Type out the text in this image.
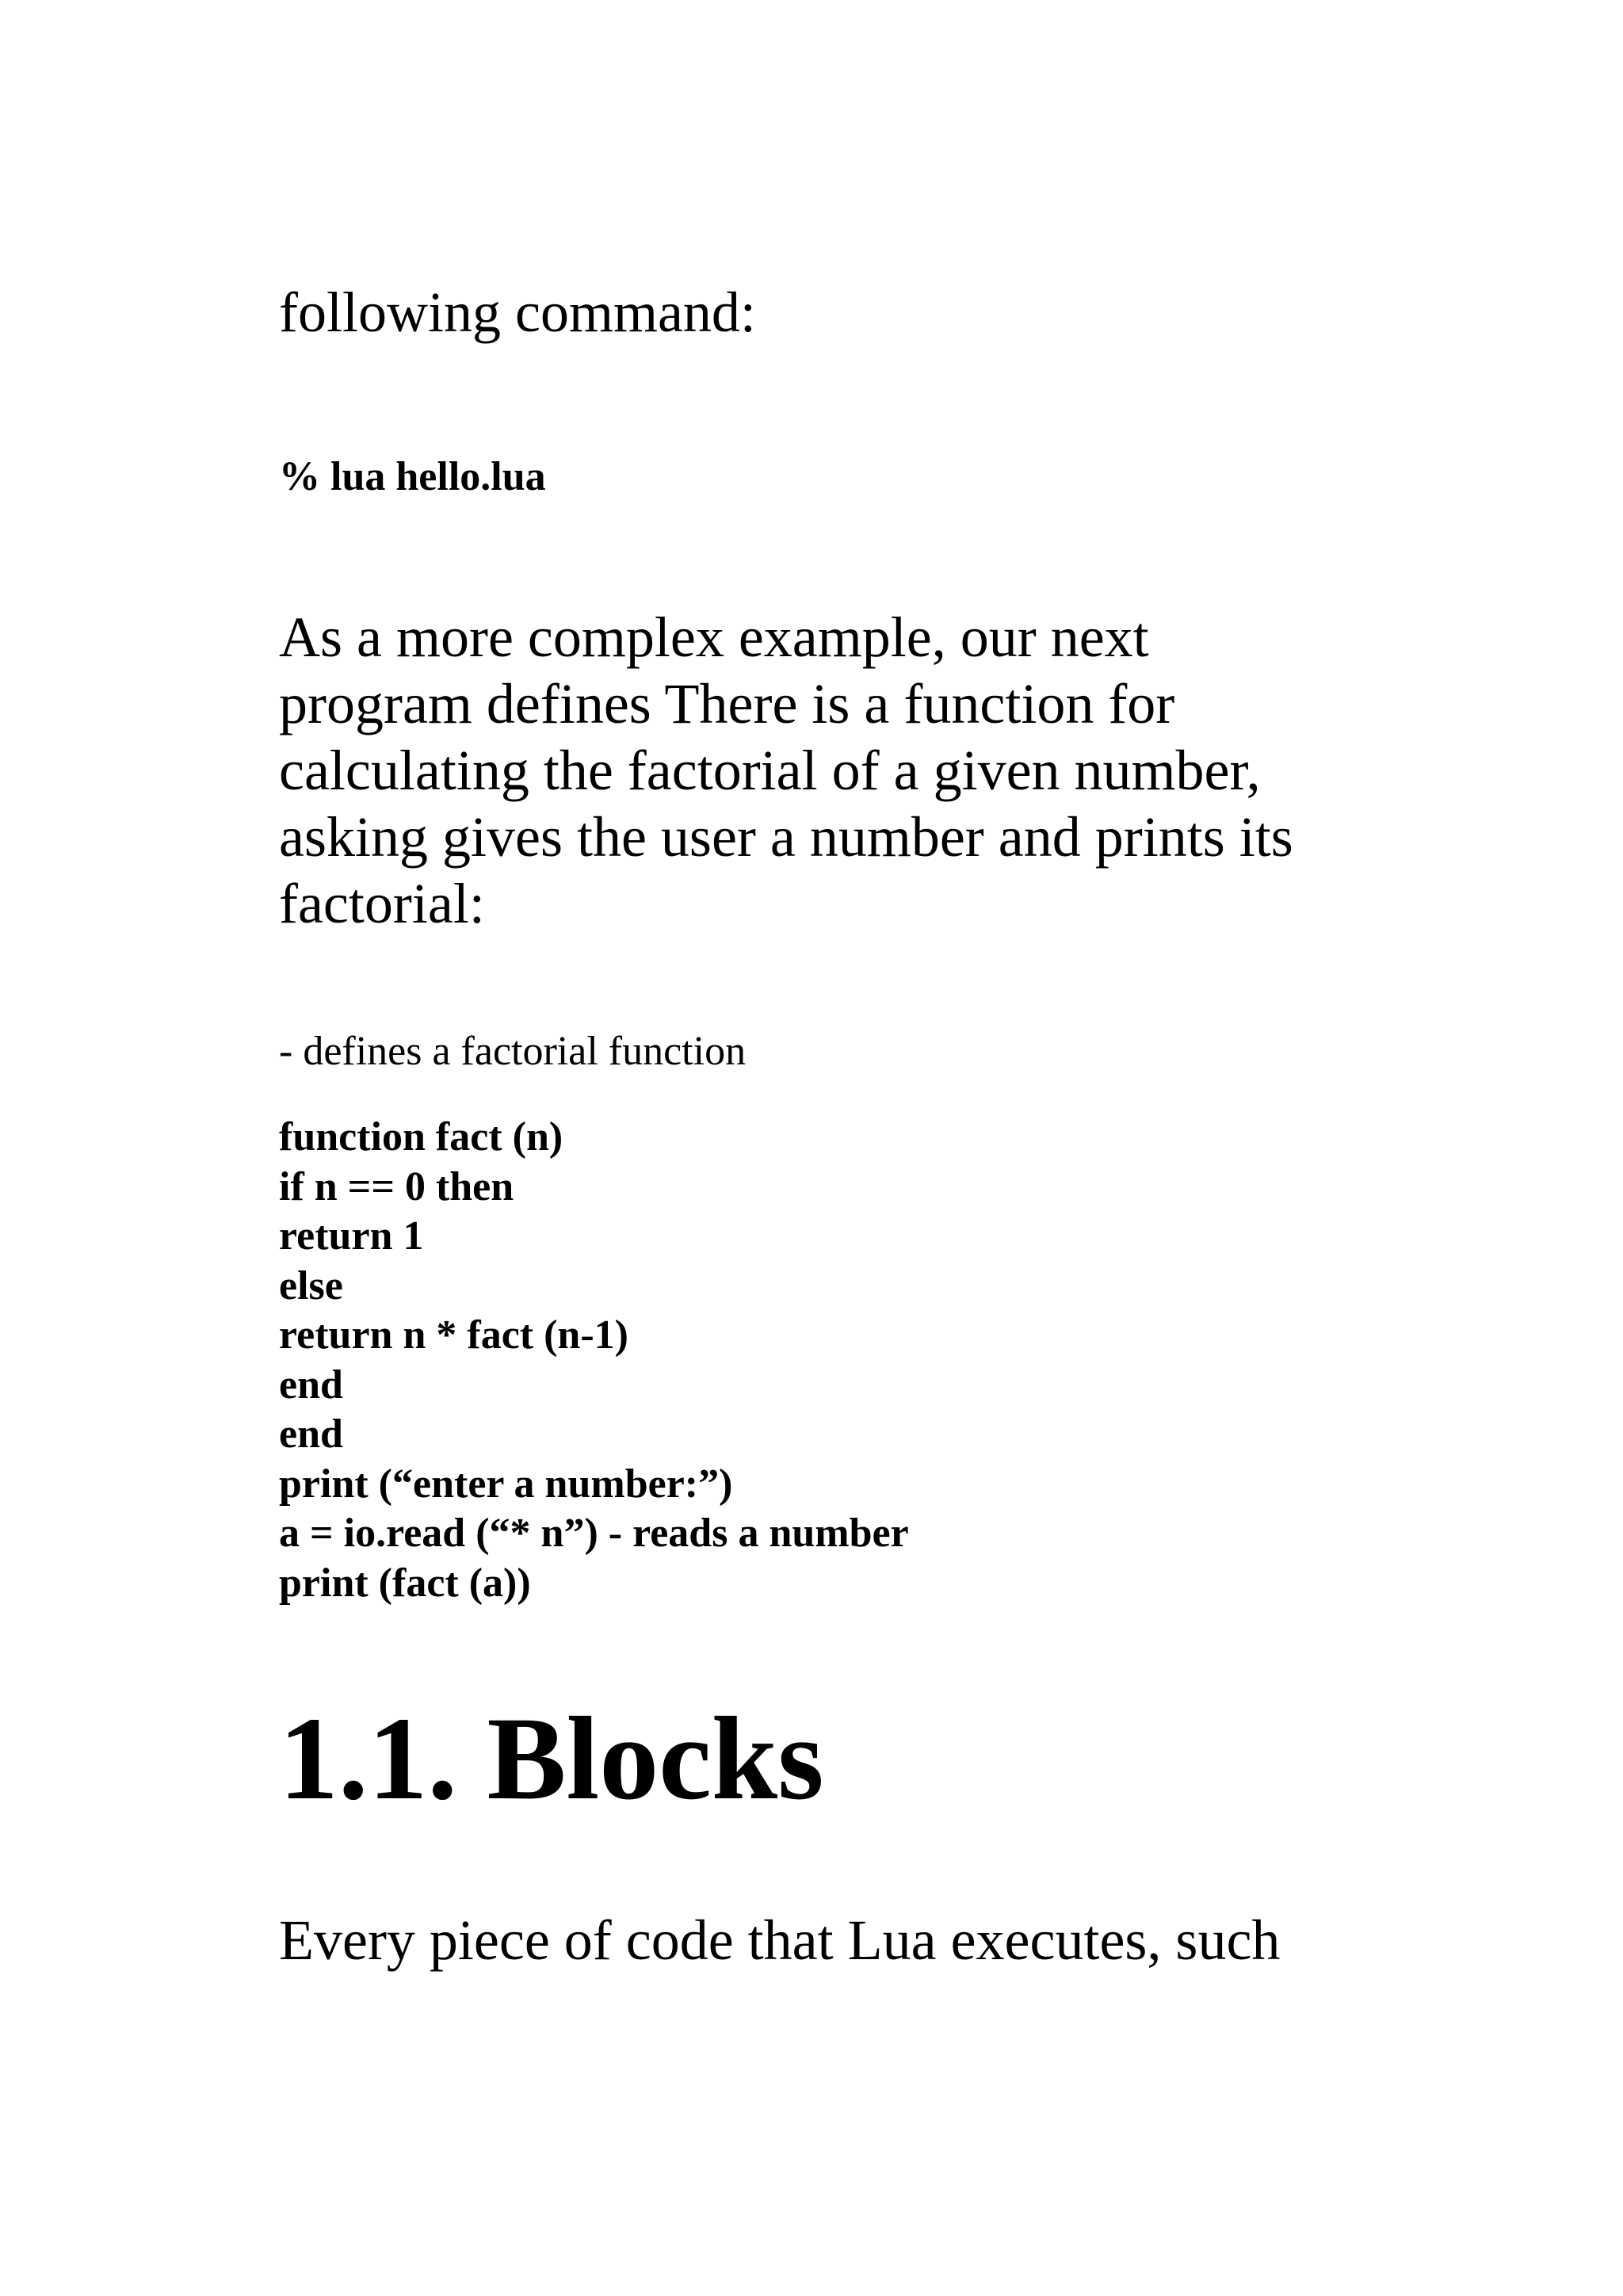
following command:

% lua hello.lua

As a more complex example, our next
program defines There is a function for
calculating the factorial of a given number,
asking gives the user a number and prints its
factorial:

- defines a factorial function

function fact (n)
if n == 0 then
return 1
else
return n * fact (n-1)
end
end
print (“enter a number:”)
a = io.read (“* n”) - reads a number
print (fact (a))
1.1. Blocks

Every piece of code that Lua executes, such
